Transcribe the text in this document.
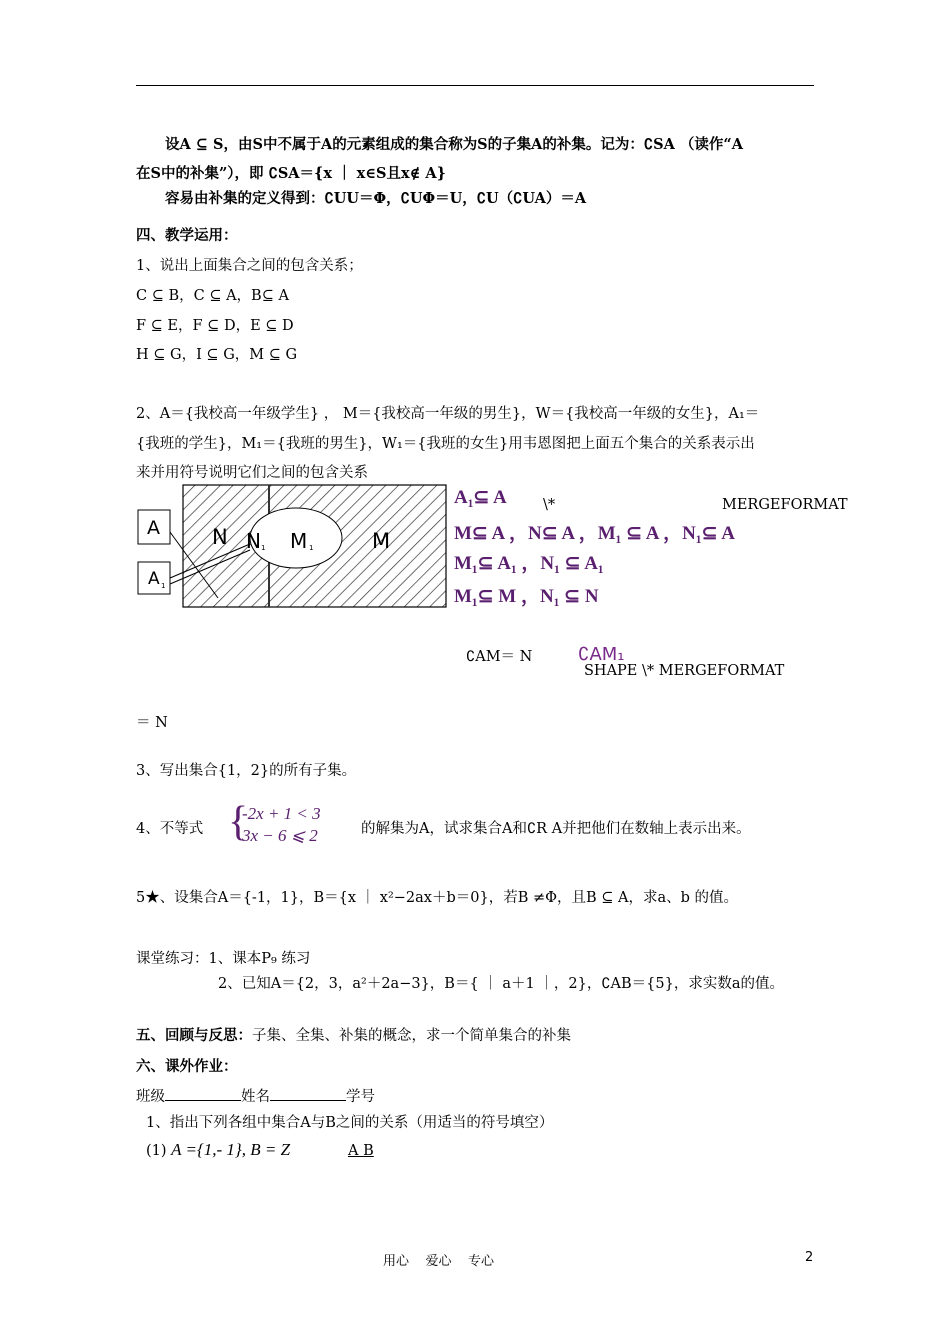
设A ⊆ S，由S中不属于A的元素组成的集合称为S的子集A的补集。记为：∁SA （读作“A
在S中的补集”），即 ∁SA＝{x ｜ x∈S且x∉ A}
容易由补集的定义得到：∁UU＝Φ，∁UΦ＝U，∁U（∁UA）＝A
四、教学运用：
1、说出上面集合之间的包含关系；
C ⊆ B，C ⊆ A，B⊆ A
F ⊆ E，F ⊆ D，E ⊆ D
H ⊆ G，I ⊆ G，M ⊆ G
2、A＝{我校高一年级学生} ， M＝{我校高一年级的男生}，W＝{我校高一年级的女生}，A₁＝
{我班的学生}，M₁＝{我班的男生}，W₁＝{我班的女生}用韦恩图把上面五个集合的关系表示出
来并用符号说明它们之间的包含关系
A
A 1
N N 1 M 1	M
A₁⊆ A \*	MERGEFORMAT
M⊆ A ，N⊆ A ，M₁ ⊆ A ，N₁⊆ A
M₁⊆ A₁ ，N₁ ⊆ A₁
M₁⊆ M ，N₁ ⊆ N
∁AM＝ N	∁AM₁
SHAPE \* MERGEFORMAT
＝ N
3、写出集合{1，2}的所有子集。
4、不等式 {
-2x + 1 < 3
3x − 6 ⩽ 2	的解集为A，试求集合A和∁R A并把他们在数轴上表示出来。
5★、设集合A＝{-1，1}，B＝{x ｜ x²−2ax＋b＝0}，若B ≠Φ，且B ⊆ A，求a、b 的值。
课堂练习：1、课本P₉ 练习
2、已知A＝{2，3，a²＋2a−3}，B＝{ ｜ a＋1 ｜，2}，∁AB＝{5}，求实数a的值。
五、回顾与反思：子集、全集、补集的概念，求一个简单集合的补集
六、课外作业：
班级	姓名	学号
1、指出下列各组中集合A与B之间的关系（用适当的符号填空）
(1) A ={1,- 1}, B = Z	A B
用心    爱心    专心	2
